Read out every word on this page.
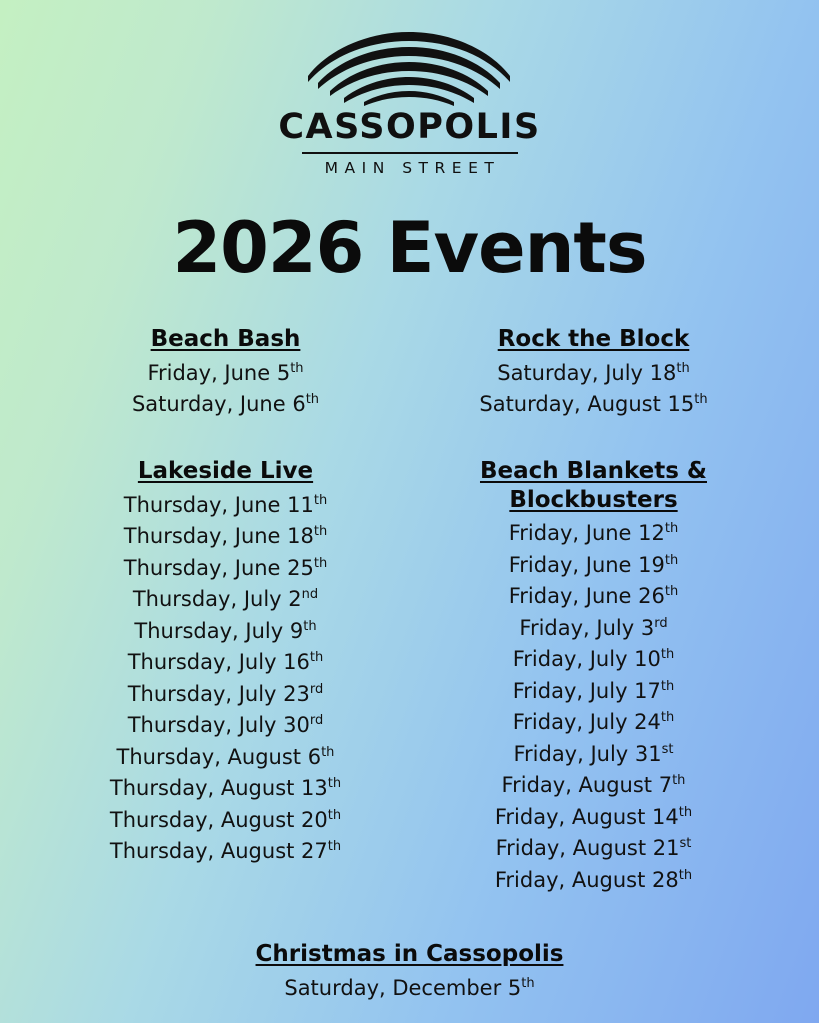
CASSOPOLIS
MAIN STREET
2026 Events
Beach Bash
Friday, June 5th
Saturday, June 6th
Lakeside Live
Thursday, June 11th
Thursday, June 18th
Thursday, June 25th
Thursday, July 2nd
Thursday, July 9th
Thursday, July 16th
Thursday, July 23rd
Thursday, July 30rd
Thursday, August 6th
Thursday, August 13th
Thursday, August 20th
Thursday, August 27th
Rock the Block
Saturday, July 18th
Saturday, August 15th
Beach Blankets & Blockbusters
Friday, June 12th
Friday, June 19th
Friday, June 26th
Friday, July 3rd
Friday, July 10th
Friday, July 17th
Friday, July 24th
Friday, July 31st
Friday, August 7th
Friday, August 14th
Friday, August 21st
Friday, August 28th
Christmas in Cassopolis
Saturday, December 5th
